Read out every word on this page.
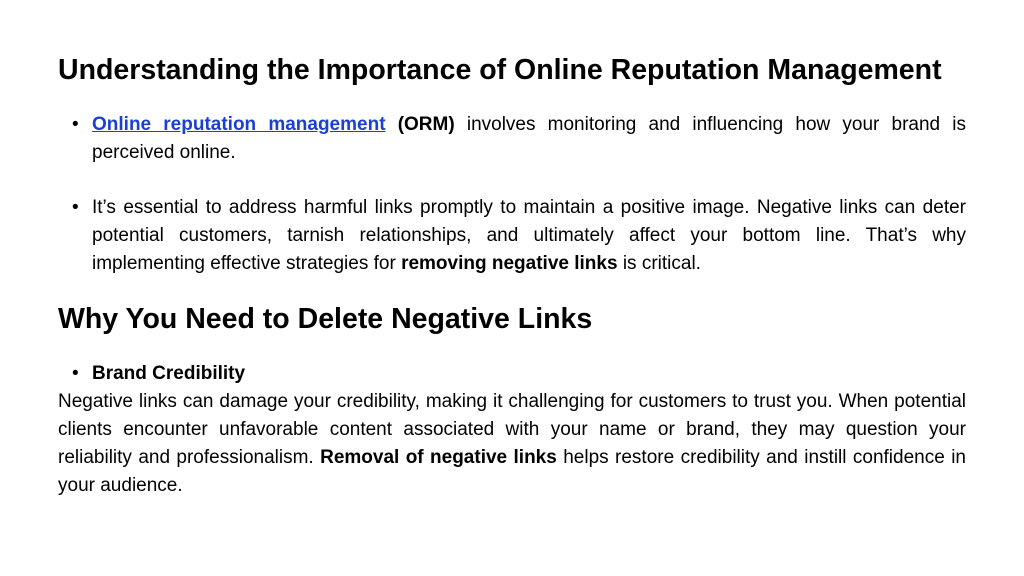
Understanding the Importance of Online Reputation Management
• Online reputation management (ORM) involves monitoring and influencing how your brand is perceived online.
• It’s essential to address harmful links promptly to maintain a positive image. Negative links can deter potential customers, tarnish relationships, and ultimately affect your bottom line. That’s why implementing effective strategies for removing negative links is critical.
Why You Need to Delete Negative Links
• Brand Credibility

Negative links can damage your credibility, making it challenging for customers to trust you. When potential clients encounter unfavorable content associated with your name or brand, they may question your reliability and professionalism. Removal of negative links helps restore credibility and instill confidence in your audience.
